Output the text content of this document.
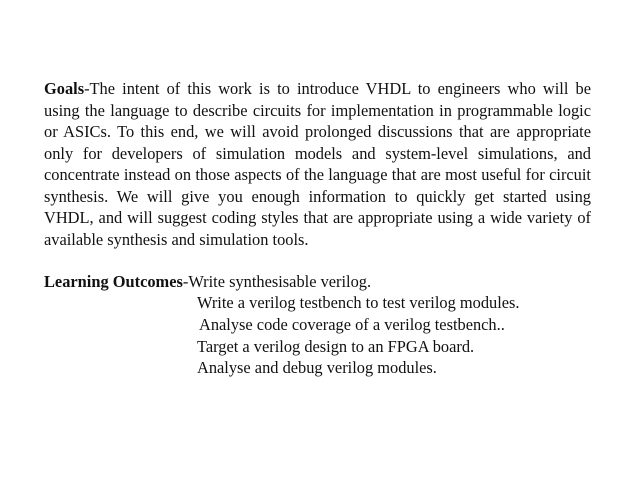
Goals-The intent of this work is to introduce VHDL to engineers who will be using the language to describe circuits for implementation in programmable logic or ASICs. To this end, we will avoid prolonged discussions that are appropriate only for developers of simulation models and system-level simulations, and concentrate instead on those aspects of the language that are most useful for circuit synthesis. We will give you enough information to quickly get started using VHDL, and will suggest coding styles that are appropriate using a wide variety of available synthesis and simulation tools.

Learning Outcomes-Write synthesisable verilog.
Write a verilog testbench to test verilog modules.
Analyse code coverage of a verilog testbench..
Target a verilog design to an FPGA board.
Analyse and debug verilog modules.
